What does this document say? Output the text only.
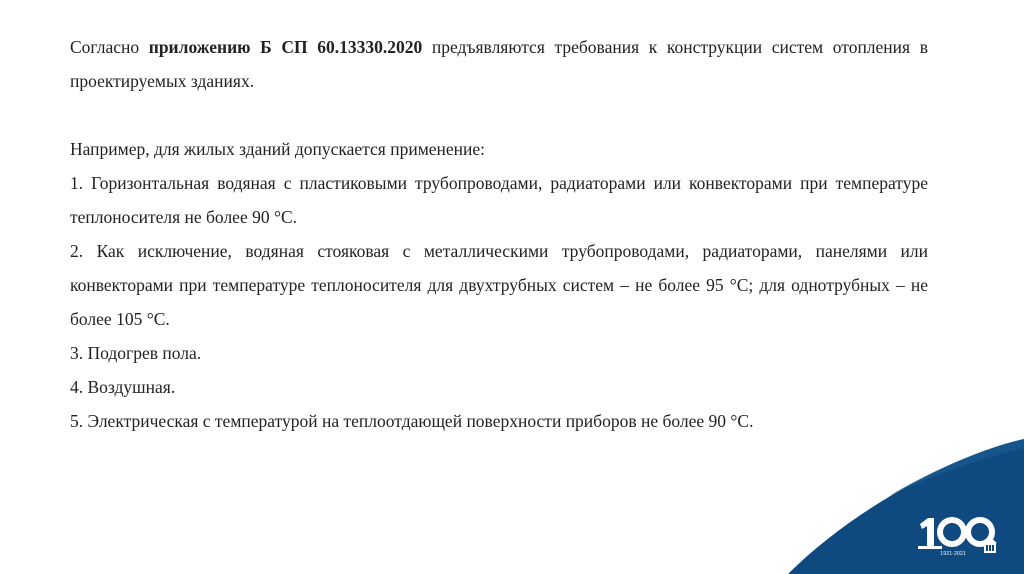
Согласно приложению Б СП 60.13330.2020 предъявляются требования к конструкции систем отопления в проектируемых зданиях.

Например, для жилых зданий допускается применение:

1. Горизонтальная водяная с пластиковыми трубопроводами, радиаторами или конвекторами при температуре теплоносителя не более 90 °С.

2. Как исключение, водяная стояковая с металлическими трубопроводами, радиаторами, панелями или конвекторами при температуре теплоносителя для двухтрубных систем – не более 95 °С; для однотрубных – не более 105 °С.

3. Подогрев пола.

4. Воздушная.

5. Электрическая с температурой на теплоотдающей поверхности приборов не более 90 °С.

1921-2021
